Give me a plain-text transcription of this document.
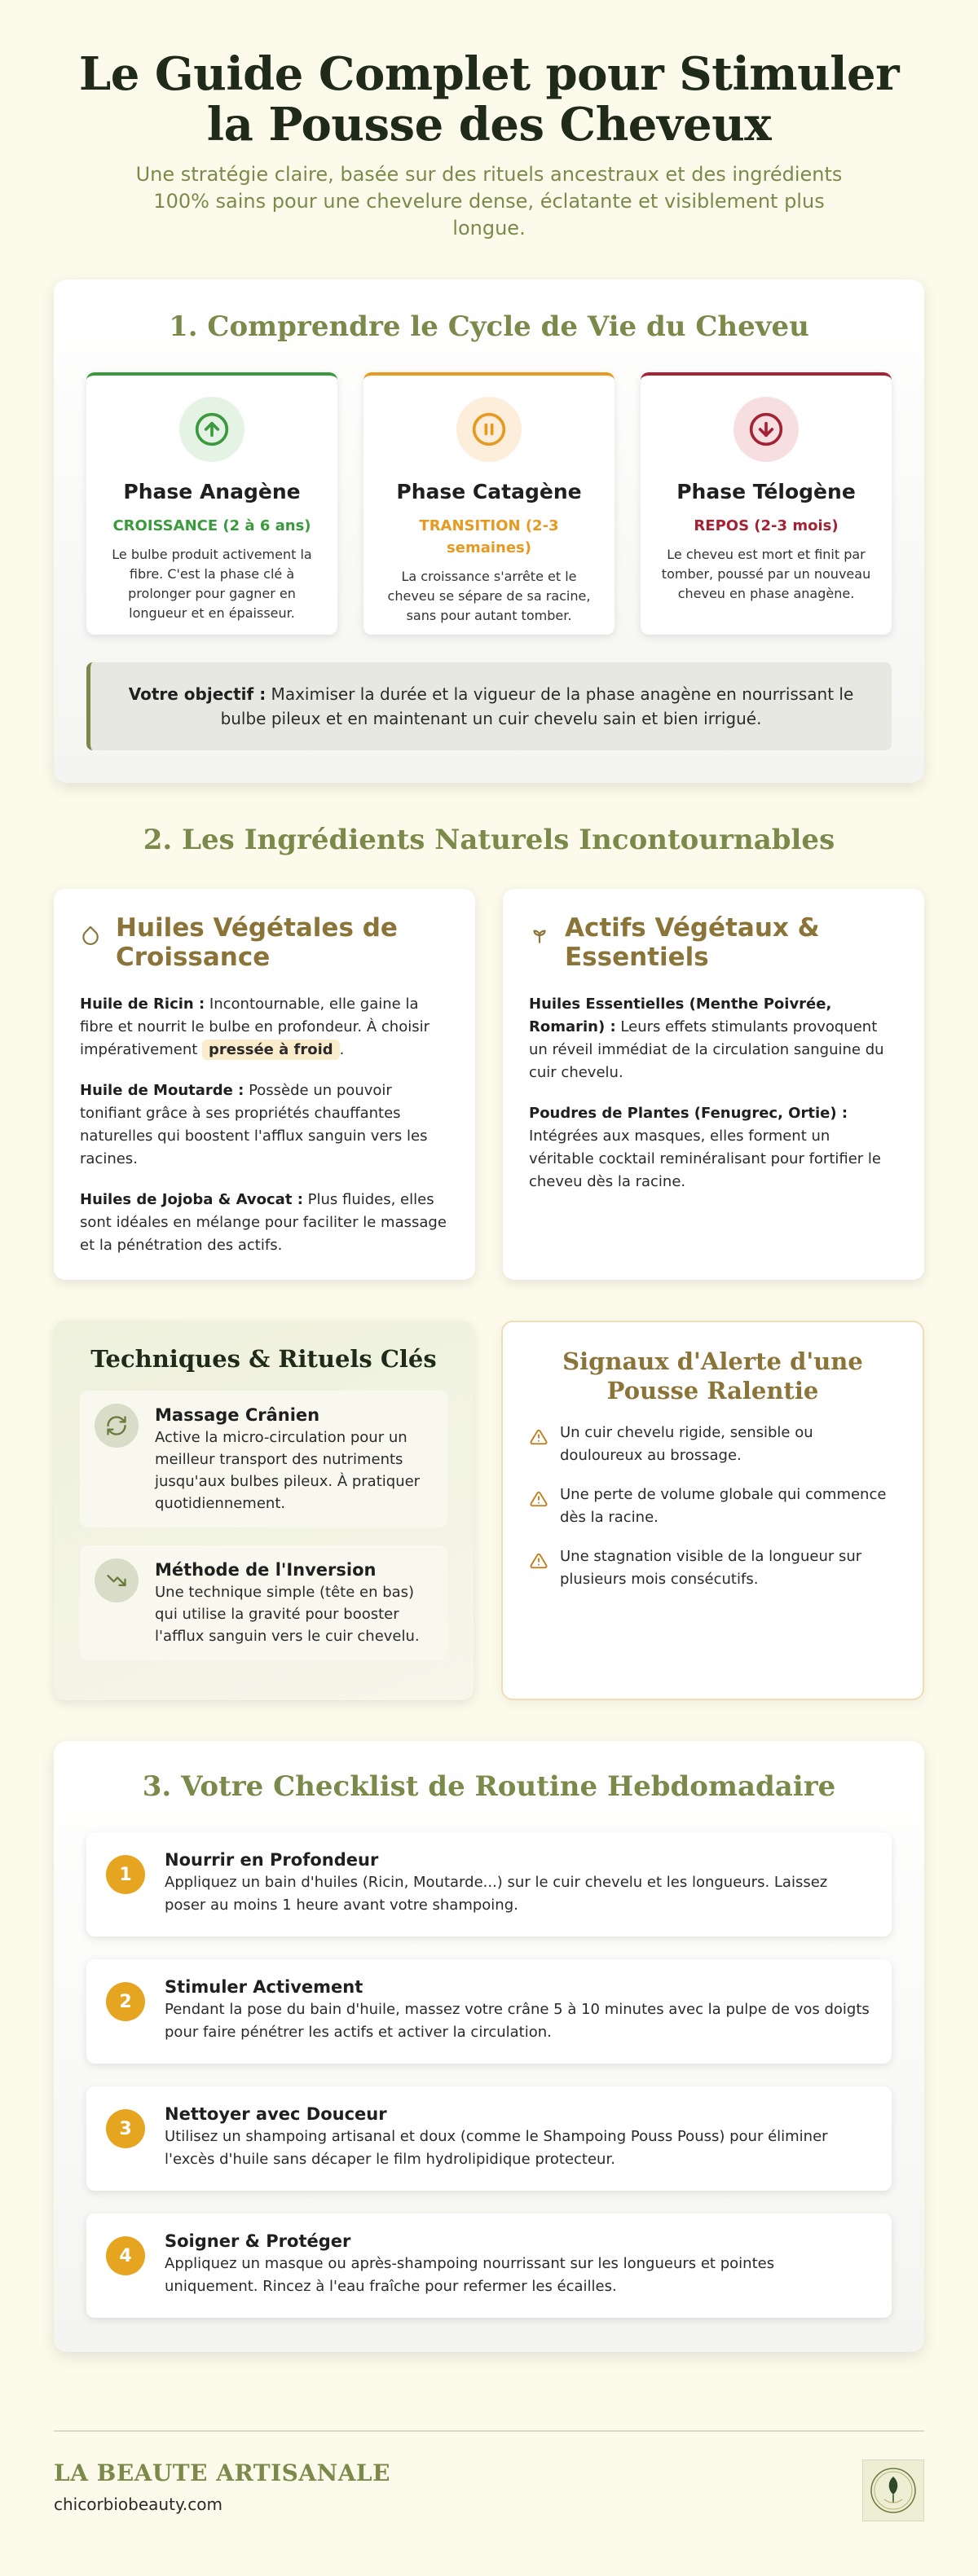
Le Guide Complet pour Stimuler
la Pousse des Cheveux

Une stratégie claire, basée sur des rituels ancestraux et des ingrédients 100% sains pour une chevelure dense, éclatante et visiblement plus longue.

1. Comprendre le Cycle de Vie du Cheveu
Phase Anagène
CROISSANCE (2 à 6 ans)
Le bulbe produit activement la fibre. C'est la phase clé à prolonger pour gagner en longueur et en épaisseur.
Phase Catagène
TRANSITION (2-3 semaines)
La croissance s'arrête et le cheveu se sépare de sa racine, sans pour autant tomber.
Phase Télogène
REPOS (2-3 mois)
Le cheveu est mort et finit par tomber, poussé par un nouveau cheveu en phase anagène.
Votre objectif : Maximiser la durée et la vigueur de la phase anagène en nourrissant le bulbe pileux et en maintenant un cuir chevelu sain et bien irrigué.
2. Les Ingrédients Naturels Incontournables
Huiles Végétales de Croissance

Huile de Ricin : Incontournable, elle gaine la fibre et nourrit le bulbe en profondeur. À choisir impérativement pressée à froid .

Huile de Moutarde : Possède un pouvoir tonifiant grâce à ses propriétés chauffantes naturelles qui boostent l'afflux sanguin vers les racines.

Huiles de Jojoba & Avocat : Plus fluides, elles sont idéales en mélange pour faciliter le massage et la pénétration des actifs.

Actifs Végétaux & Essentiels

Huiles Essentielles (Menthe Poivrée, Romarin) : Leurs effets stimulants provoquent un réveil immédiat de la circulation sanguine du cuir chevelu.

Poudres de Plantes (Fenugrec, Ortie) : Intégrées aux masques, elles forment un véritable cocktail reminéralisant pour fortifier le cheveu dès la racine.

Techniques & Rituels Clés
Massage Crânien
Active la micro-circulation pour un meilleur transport des nutriments jusqu'aux bulbes pileux. À pratiquer quotidiennement.
Méthode de l'Inversion
Une technique simple (tête en bas) qui utilise la gravité pour booster l'afflux sanguin vers le cuir chevelu.
Signaux d'Alerte d'une Pousse Ralentie
Un cuir chevelu rigide, sensible ou douloureux au brossage.
Une perte de volume globale qui commence dès la racine.
Une stagnation visible de la longueur sur plusieurs mois consécutifs.
3. Votre Checklist de Routine Hebdomadaire
1
Nourrir en Profondeur
Appliquez un bain d'huiles (Ricin, Moutarde...) sur le cuir chevelu et les longueurs. Laissez poser au moins 1 heure avant votre shampoing.
2
Stimuler Activement
Pendant la pose du bain d'huile, massez votre crâne 5 à 10 minutes avec la pulpe de vos doigts pour faire pénétrer les actifs et activer la circulation.
3
Nettoyer avec Douceur
Utilisez un shampoing artisanal et doux (comme le Shampoing Pouss Pouss) pour éliminer l'excès d'huile sans décaper le film hydrolipidique protecteur.
4
Soigner & Protéger
Appliquez un masque ou après-shampoing nourrissant sur les longueurs et pointes uniquement. Rincez à l'eau fraîche pour refermer les écailles.
LA BEAUTE ARTISANALE
chicorbiobeauty.com
